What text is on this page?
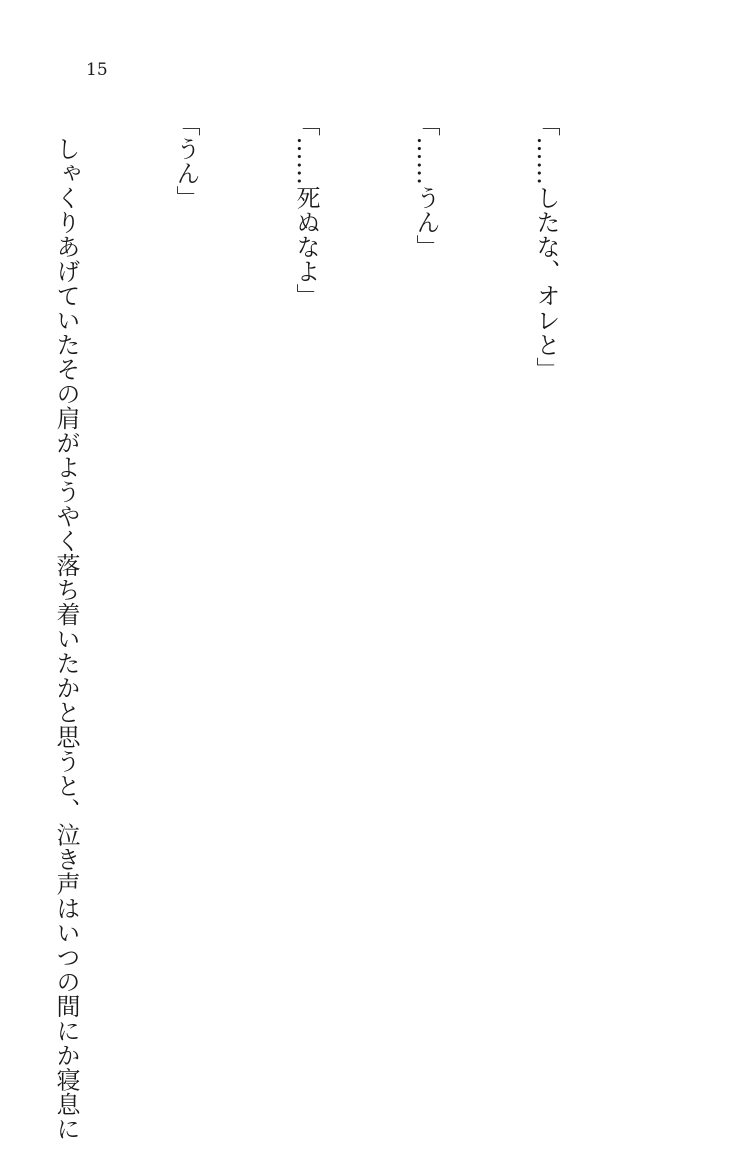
15

「……したな、オレと」

「……うん」

「……死ぬなよ」

「うん」

　しゃくりあげていたその肩がようやく落ち着いたかと思うと、泣き声はいつの間にか寝息に
